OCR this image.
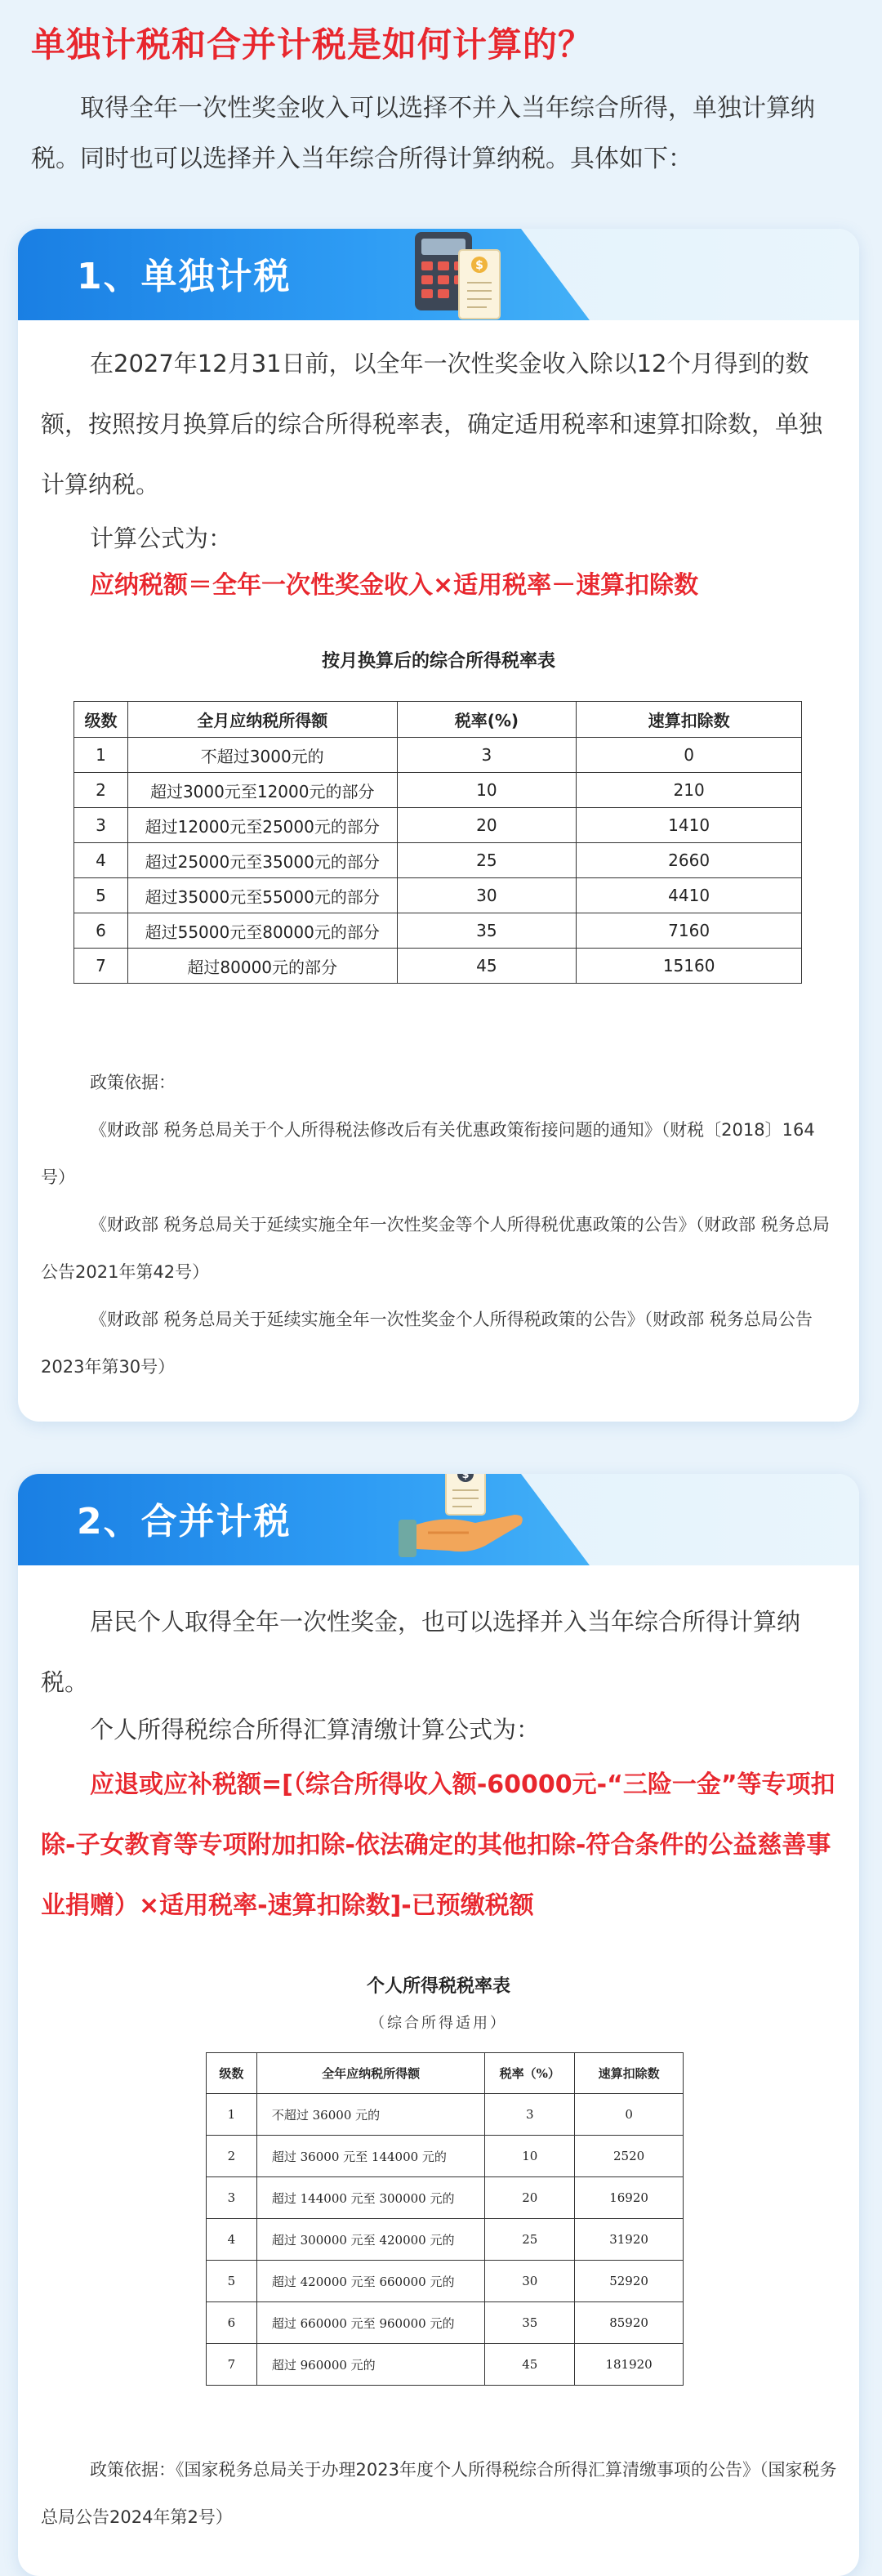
单独计税和合并计税是如何计算的？

取得全年一次性奖金收入可以选择不并入当年综合所得，单独计算纳税。同时也可以选择并入当年综合所得计算纳税。具体如下：

1、单独计税	$

在2027年12月31日前，以全年一次性奖金收入除以12个月得到的数额，按照按月换算后的综合所得税率表，确定适用税率和速算扣除数，单独计算纳税。

计算公式为：

应纳税额＝全年一次性奖金收入×适用税率－速算扣除数

按月换算后的综合所得税率表

级数	全月应纳税所得额	税率(%)	速算扣除数
1	不超过3000元的	3	0
2	超过3000元至12000元的部分	10	210
3	超过12000元至25000元的部分	20	1410
4	超过25000元至35000元的部分	25	2660
5	超过35000元至55000元的部分	30	4410
6	超过55000元至80000元的部分	35	7160
7	超过80000元的部分	45	15160

政策依据：

《财政部 税务总局关于个人所得税法修改后有关优惠政策衔接问题的通知》（财税〔2018〕164号）

《财政部 税务总局关于延续实施全年一次性奖金等个人所得税优惠政策的公告》（财政部 税务总局公告2021年第42号）

《财政部 税务总局关于延续实施全年一次性奖金个人所得税政策的公告》（财政部 税务总局公告2023年第30号）

2、合并计税
$

居民个人取得全年一次性奖金，也可以选择并入当年综合所得计算纳税。

个人所得税综合所得汇算清缴计算公式为：

应退或应补税额=[（综合所得收入额-60000元-“三险一金”等专项扣除-子女教育等专项附加扣除-依法确定的其他扣除-符合条件的公益慈善事业捐赠）×适用税率-速算扣除数]-已预缴税额

个人所得税税率表

（综合所得适用）

级数	全年应纳税所得额	税率（%）	速算扣除数
1	不超过 36000 元的	3	0
2	超过 36000 元至 144000 元的	10	2520
3	超过 144000 元至 300000 元的	20	16920
4	超过 300000 元至 420000 元的	25	31920
5	超过 420000 元至 660000 元的	30	52920
6	超过 660000 元至 960000 元的	35	85920
7	超过 960000 元的	45	181920

政策依据：《国家税务总局关于办理2023年度个人所得税综合所得汇算清缴事项的公告》（国家税务总局公告2024年第2号）
